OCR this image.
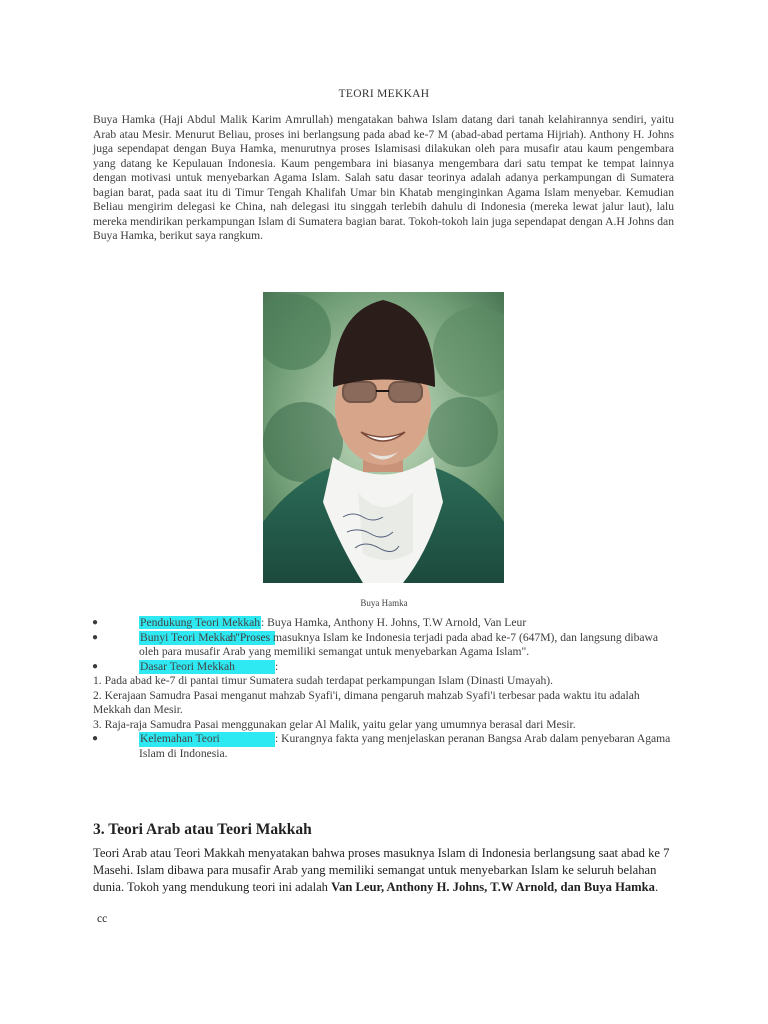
TEORI MEKKAH
Buya Hamka (Haji Abdul Malik Karim Amrullah) mengatakan bahwa Islam datang dari tanah kelahirannya sendiri, yaitu Arab atau Mesir. Menurut Beliau, proses ini berlangsung pada abad ke-7 M (abad-abad pertama Hijriah). Anthony H. Johns juga sependapat dengan Buya Hamka, menurutnya proses Islamisasi dilakukan oleh para musafir atau kaum pengembara yang datang ke Kepulauan Indonesia. Kaum pengembara ini biasanya mengembara dari satu tempat ke tempat lainnya dengan motivasi untuk menyebarkan Agama Islam. Salah satu dasar teorinya adalah adanya perkampungan di Sumatera bagian barat, pada saat itu di Timur Tengah Khalifah Umar bin Khatab menginginkan Agama Islam menyebar. Kemudian Beliau mengirim delegasi ke China, nah delegasi itu singgah terlebih dahulu di Indonesia (mereka lewat jalur laut), lalu mereka mendirikan perkampungan Islam di Sumatera bagian barat. Tokoh-tokoh lain juga sependapat dengan A.H Johns dan Buya Hamka, berikut saya rangkum.
Buya Hamka
●	Pendukung Teori Mekkah: Buya Hamka, Anthony H. Johns, T.W Arnold, Van Leur
●	Bunyi Teori Mekkah: "Proses masuknya Islam ke Indonesia terjadi pada abad ke-7 (647M), dan langsung dibawa oleh para musafir Arab yang memiliki semangat untuk menyebarkan Agama Islam".
●	Dasar Teori Mekkah	:
1. Pada abad ke-7 di pantai timur Sumatera sudah terdapat perkampungan Islam (Dinasti Umayah).
2. Kerajaan Samudra Pasai menganut mahzab Syafi'i, dimana pengaruh mahzab Syafi'i terbesar pada waktu itu adalah Mekkah dan Mesir.
3. Raja-raja Samudra Pasai menggunakan gelar Al Malik, yaitu gelar yang umumnya berasal dari Mesir.
●	Kelemahan Teori	: Kurangnya fakta yang menjelaskan peranan Bangsa Arab dalam penyebaran Agama Islam di Indonesia.
3. Teori Arab atau Teori Makkah
Teori Arab atau Teori Makkah menyatakan bahwa proses masuknya Islam di Indonesia berlangsung saat abad ke 7 Masehi. Islam dibawa para musafir Arab yang memiliki semangat untuk menyebarkan Islam ke seluruh belahan dunia. Tokoh yang mendukung teori ini adalah Van Leur, Anthony H. Johns, T.W Arnold, dan Buya Hamka.
cc
